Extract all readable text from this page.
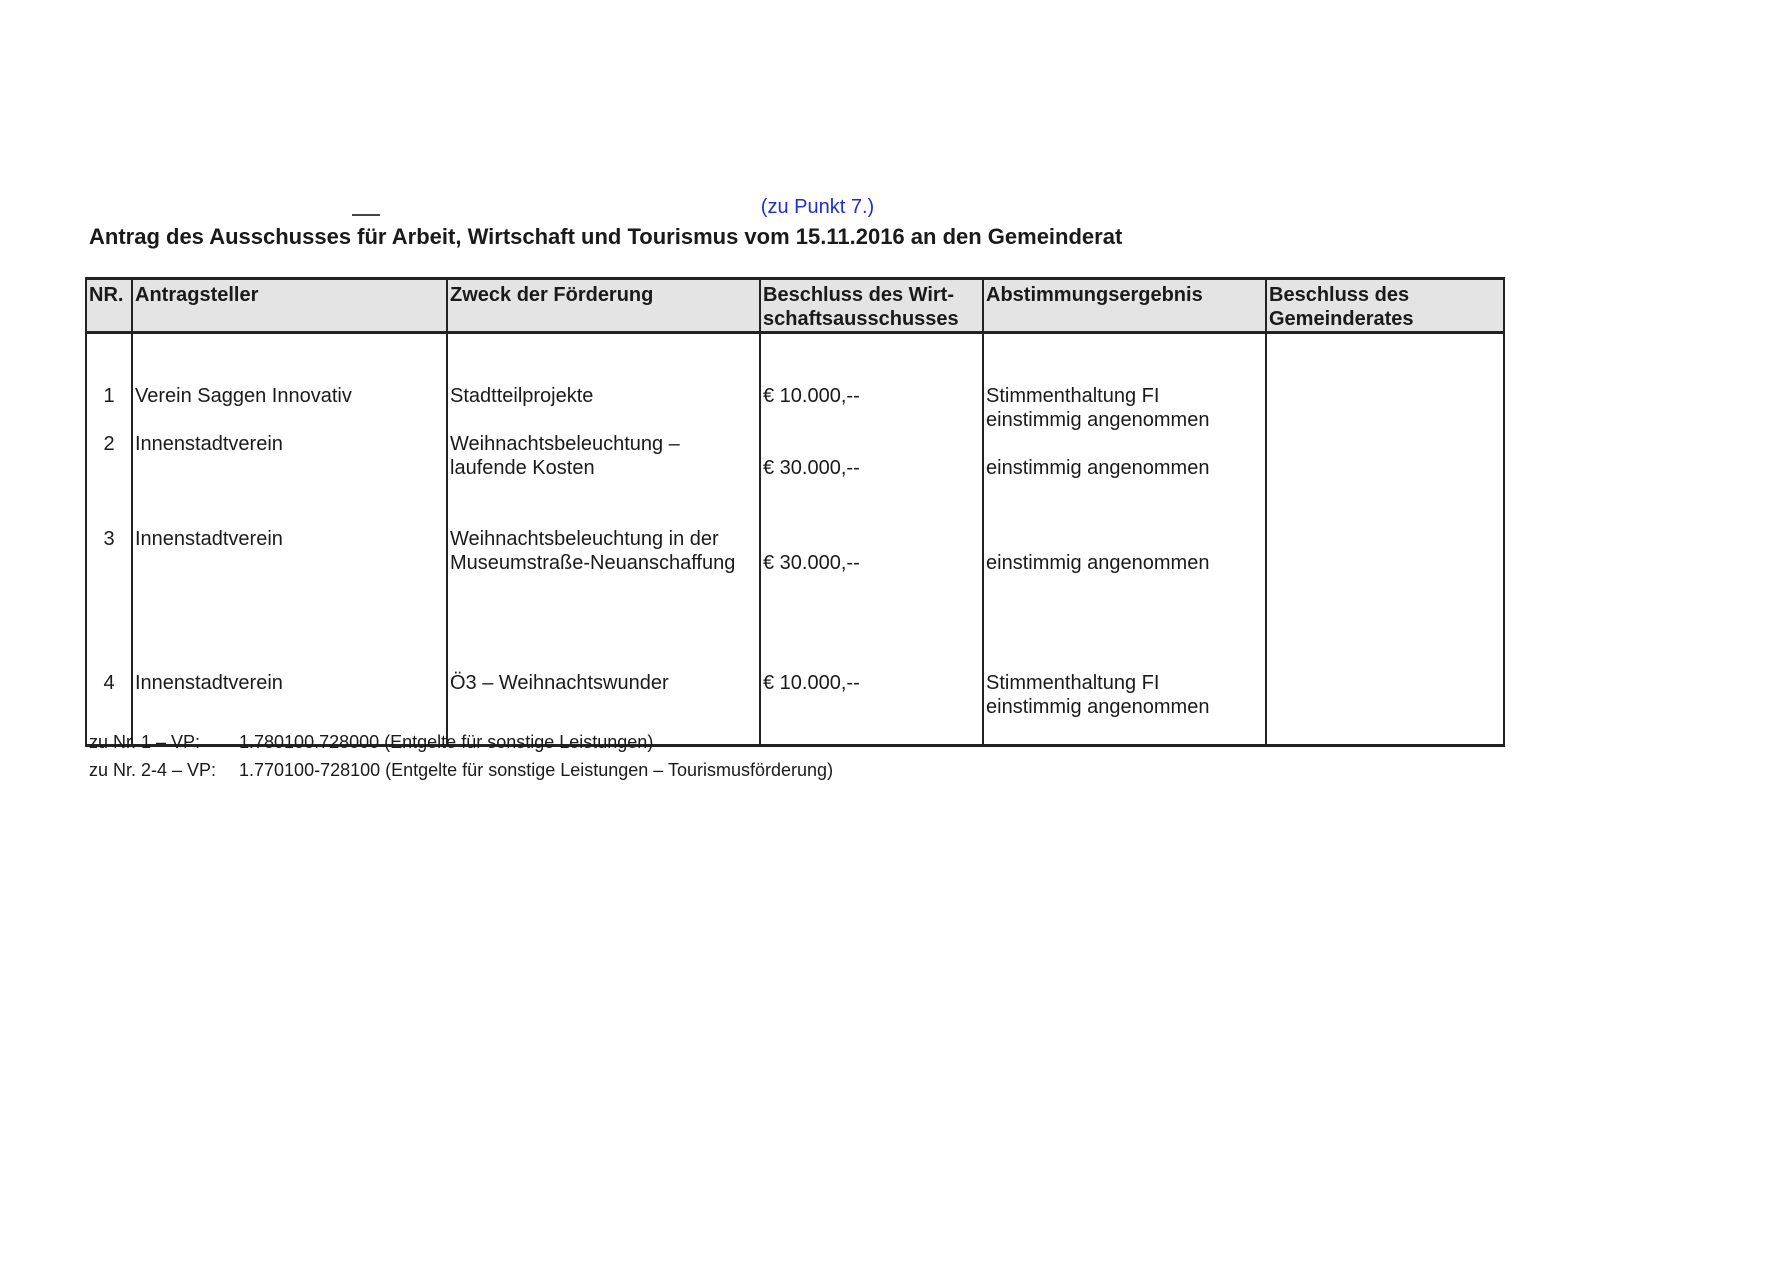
(zu Punkt 7.)
Antrag des Ausschusses für Arbeit, Wirtschaft und Tourismus vom 15.11.2016 an den Gemeinderat
NR.	Antragsteller	Zweck der Förderung	Beschluss des Wirt-schaftsausschusses	Abstimmungsergebnis	Beschluss des Gemeinderates

1	Verein Saggen Innovativ	Stadtteilprojekte	€ 10.000,--	Stimmenthaltung FI
einstimmig angenommen	

2	Innenstadtverein	Weihnachtsbeleuchtung –
laufende Kosten	€ 30.000,--	einstimmig angenommen	
3	Innenstadtverein	Weihnachtsbeleuchtung in der
Museumstraße-Neuanschaffung	€ 30.000,--	einstimmig angenommen	
4	Innenstadtverein	Ö3 – Weihnachtswunder	€ 10.000,--	Stimmenthaltung FI
einstimmig angenommen	

zu Nr. 1 – VP: 1.780100.728000 (Entgelte für sonstige Leistungen)
zu Nr. 2-4 – VP: 1.770100-728100 (Entgelte für sonstige Leistungen – Tourismusförderung)
